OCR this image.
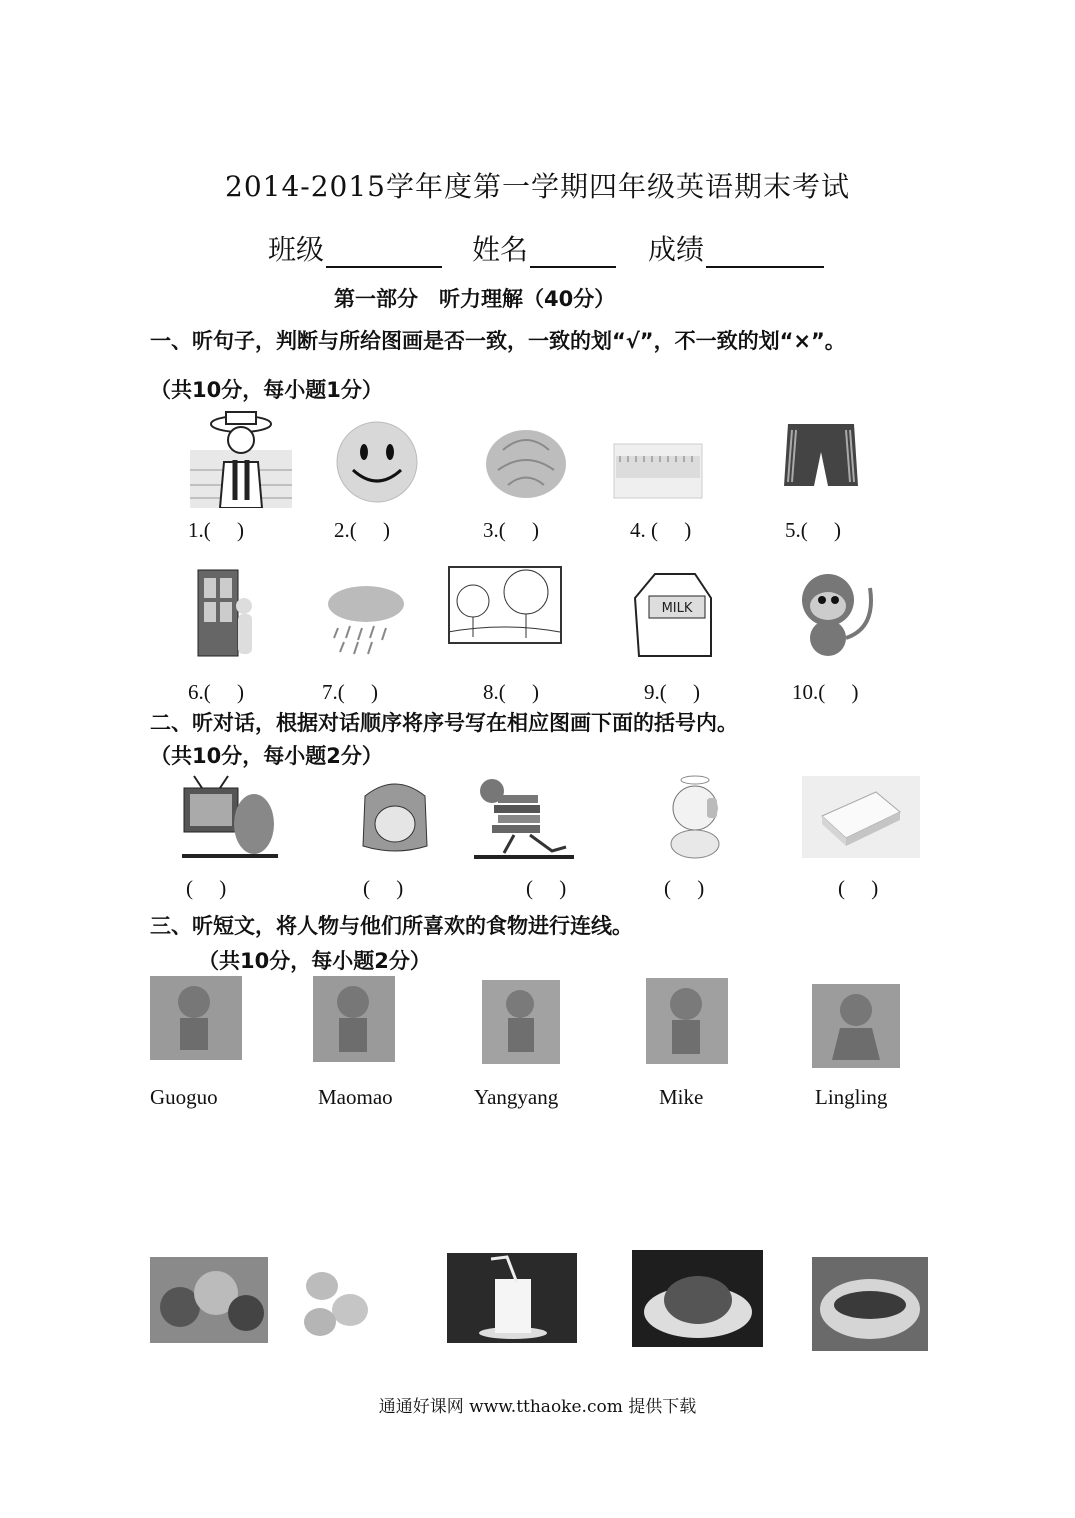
2014-2015学年度第一学期四年级英语期末考试
班级	姓名	成绩
第一部分　听力理解（40分）
一、听句子，判断与所给图画是否一致，一致的划“√”，不一致的划“×”。
（共10分，每小题1分）
1.(　 )	2.(　 )	3.(　 )	4. (　 )	5.(　 )
MILK
6.(　 )	7.(　 )	8.(　 )	9.(　 )	10.(　 )
二、听对话，根据对话顺序将序号写在相应图画下面的括号内。
（共10分，每小题2分）
(　 )	(　 )	(　 )	(　 )	(　 )
三、听短文，将人物与他们所喜欢的食物进行连线。
（共10分，每小题2分）
Guoguo	Maomao	Yangyang	Mike	Lingling
通通好课网 www.tthaoke.com 提供下载
